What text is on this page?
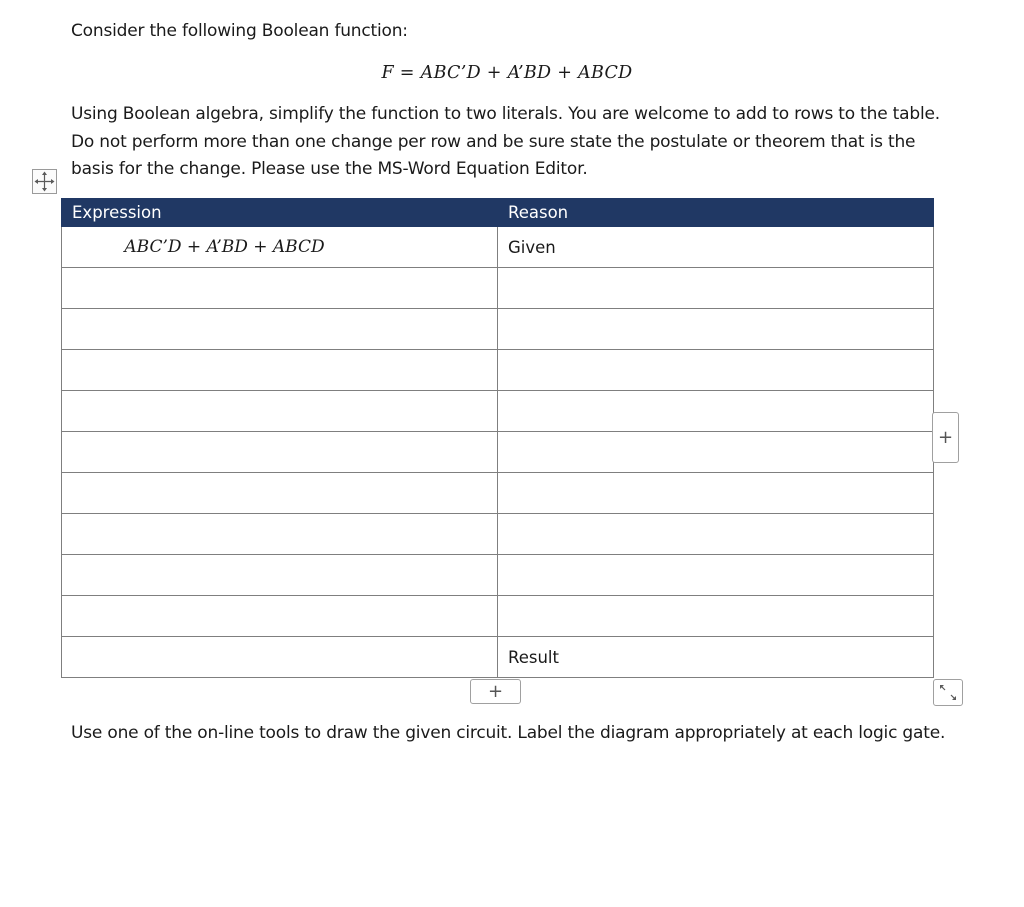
Consider the following Boolean function:
F = ABC’D + A’BD + ABCD
Using Boolean algebra, simplify the function to two literals. You are welcome to add to rows to the table. Do not perform more than one change per row and be sure state the postulate or theorem that is the basis for the change. Please use the MS-Word Equation Editor.
Expression	Reason
ABC’D + A’BD + ABCD	Given

	Result
+
+
Use one of the on-line tools to draw the given circuit. Label the diagram appropriately at each logic gate.
